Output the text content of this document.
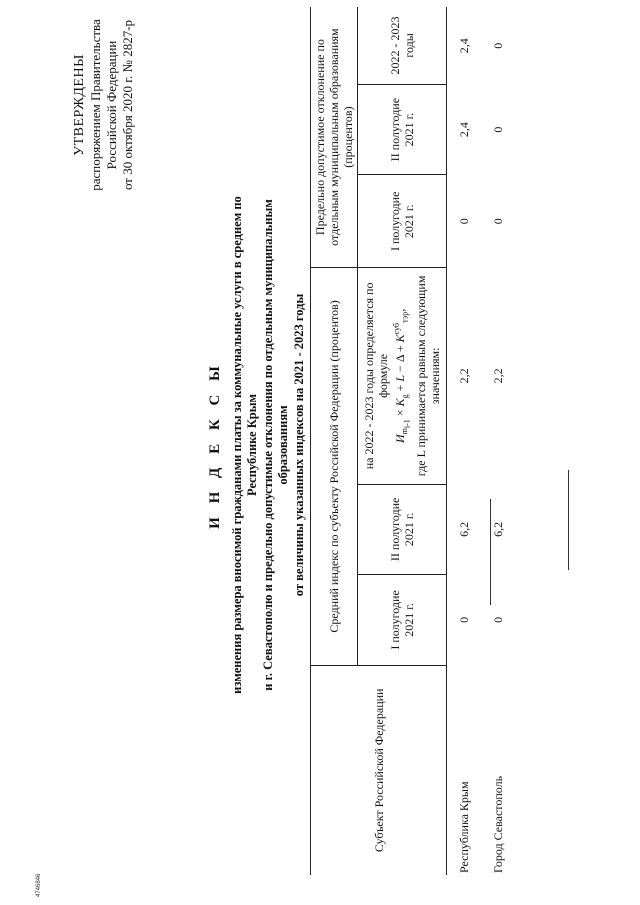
УТВЕРЖДЕНЫ распоряжением Правительства Российской Федерации от 30 октября 2020 г. № 2827-р
И Н Д Е К С Ы изменения размера вносимой гражданами платы за коммунальные услуги в среднем по Республике Крым и г. Севастополю и предельно допустимые отклонения по отдельным муниципальным образованиям от величины указанных индексов на 2021 - 2023 годы
Субъект Российской Федерации	Средний индекс по субъекту Российской Федерации (процентов)			Предельно допустимое отклонение по отдельным муниципальным образованиям (процентов)		
	I полугодие 2021 г.	II полугодие 2021 г.	на 2022 - 2023 годы определяется по формуле
$И_{m_{i-1}} \times K_g + L - \Delta + K^{суб}_{тэр}$, где L принимается равным следующим значениям:	I полугодие 2021 г.	II полугодие 2021 г.	2022 - 2023 годы
Республика Крым	0	6,2	2,2	0	2,4	2,4
Город Севастополь	0	6,2	2,2	0	0	0
4746846
